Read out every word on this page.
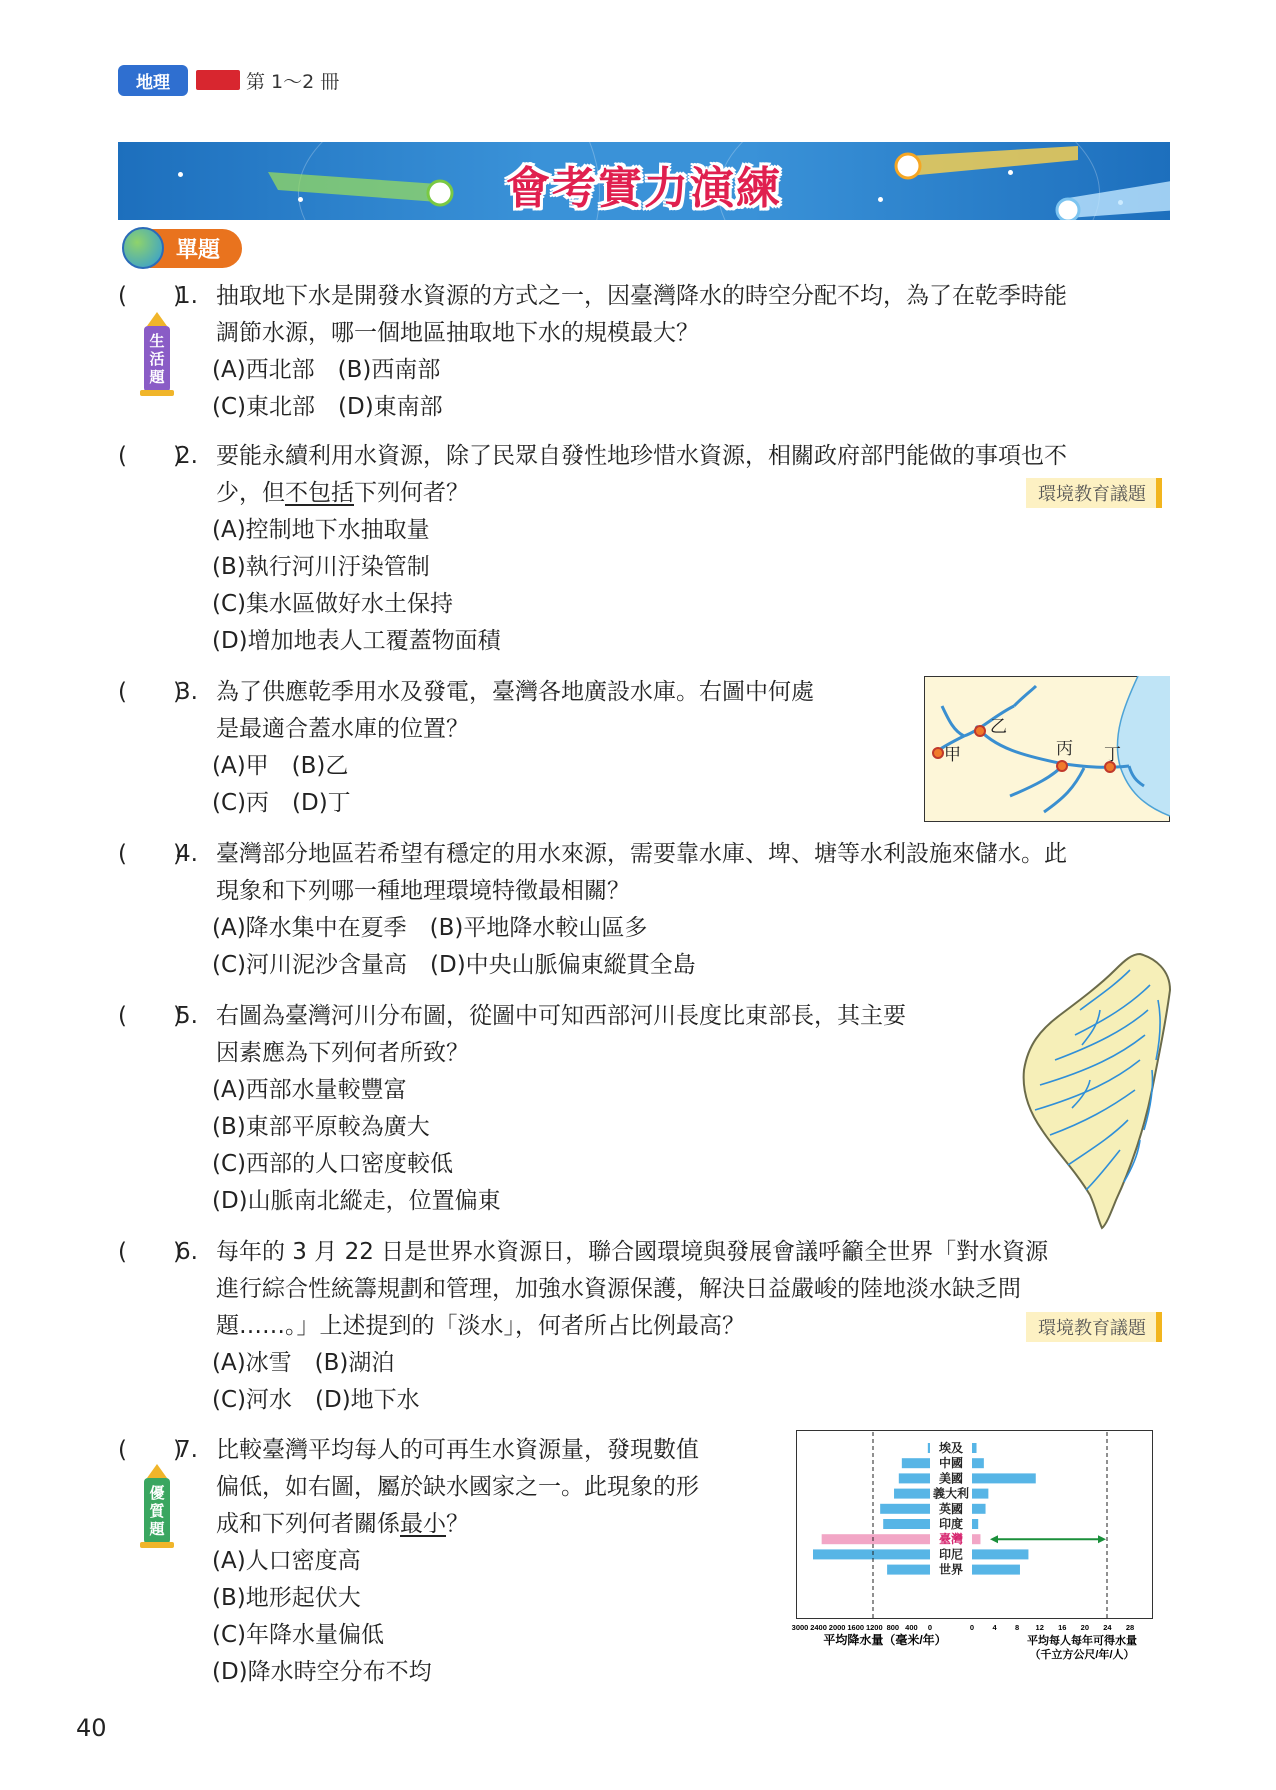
地理	第 1〜2 冊
會考實力演練
單題
(　　)
1. 抽取地下水是開發水資源的方式之一，因臺灣降水的時空分配不均，為了在乾季時能
調節水源，哪一個地區抽取地下水的規模最大？
(A)西北部　(B)西南部
(C)東北部　(D)東南部
生活題
(　　)
2. 要能永續利用水資源，除了民眾自發性地珍惜水資源，相關政府部門能做的事項也不
少，但不包括下列何者？
(A)控制地下水抽取量
(B)執行河川汙染管制
(C)集水區做好水土保持
(D)增加地表人工覆蓋物面積
環境教育議題
(　　)
3. 為了供應乾季用水及發電，臺灣各地廣設水庫。右圖中何處
是最適合蓋水庫的位置？
(A)甲　(B)乙
(C)丙　(D)丁
甲
乙
丙 丁
(　　)
4. 臺灣部分地區若希望有穩定的用水來源，需要靠水庫、埤、塘等水利設施來儲水。此
現象和下列哪一種地理環境特徵最相關？
(A)降水集中在夏季　(B)平地降水較山區多
(C)河川泥沙含量高　(D)中央山脈偏東縱貫全島
(　　)
5. 右圖為臺灣河川分布圖，從圖中可知西部河川長度比東部長，其主要
因素應為下列何者所致？
(A)西部水量較豐富
(B)東部平原較為廣大
(C)西部的人口密度較低
(D)山脈南北縱走，位置偏東
(　　)
6. 每年的 3 月 22 日是世界水資源日，聯合國環境與發展會議呼籲全世界「對水資源
進行綜合性統籌規劃和管理，加強水資源保護，解決日益嚴峻的陸地淡水缺乏問
題……。」上述提到的「淡水」，何者所占比例最高？
(A)冰雪　(B)湖泊
(C)河水　(D)地下水
環境教育議題
(　　)
7. 比較臺灣平均每人的可再生水資源量，發現數值
偏低，如右圖，屬於缺水國家之一。此現象的形
成和下列何者關係最小？
(A)人口密度高
(B)地形起伏大
(C)年降水量偏低
(D)降水時空分布不均
優質題
埃及
中國
美國
義大利
英國
印度
臺灣
印尼
世界
3000 2400 2000 1600 1200 800 400 0	0 4 8 12 16 20 24 28
平均降水量（毫米/年）	平均每人每年可得水量（千立方公尺/年/人）
40
